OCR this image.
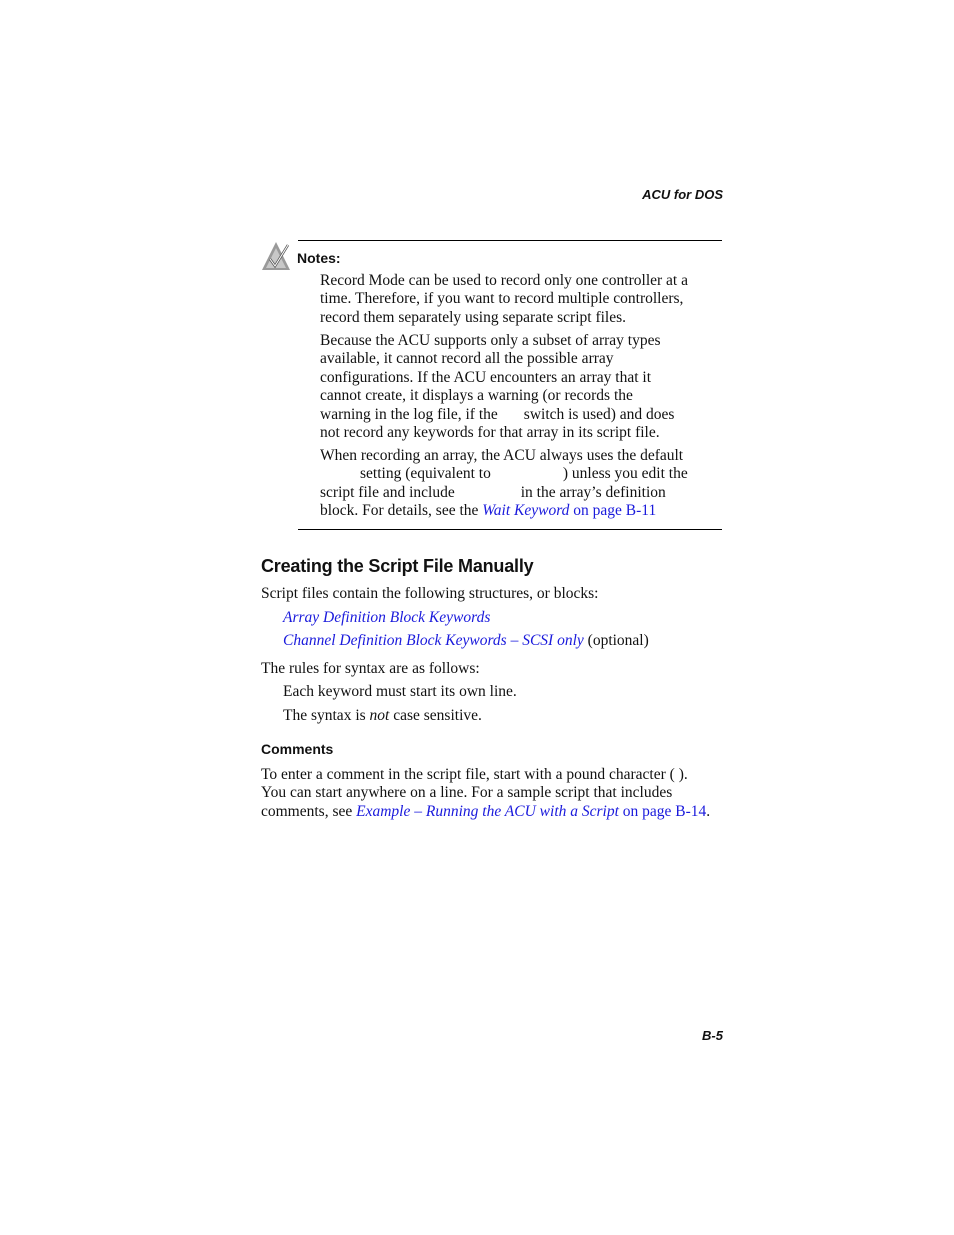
ACU for DOS
Notes:
Record Mode can be used to record only one controller at a
time. Therefore, if you want to record multiple controllers,
record them separately using separate script files.
Because the ACU supports only a subset of array types
available, it cannot record all the possible array
configurations. If the ACU encounters an array that it
cannot create, it displays a warning (or records the
warning in the log file, if the switch is used) and does
not record any keywords for that array in its script file.
When recording an array, the ACU always uses the default
setting (equivalent to	) unless you edit the
script file and include	in the array’s definition
block. For details, see the Wait Keyword on page B-11
Creating the Script File Manually
Script files contain the following structures, or blocks:
Array Definition Block Keywords
Channel Definition Block Keywords – SCSI only (optional)
The rules for syntax are as follows:
Each keyword must start its own line.
The syntax is not case sensitive.
Comments
To enter a comment in the script file, start with a pound character ( ).
You can start anywhere on a line. For a sample script that includes
comments, see Example – Running the ACU with a Script on page B-14.
B-5
